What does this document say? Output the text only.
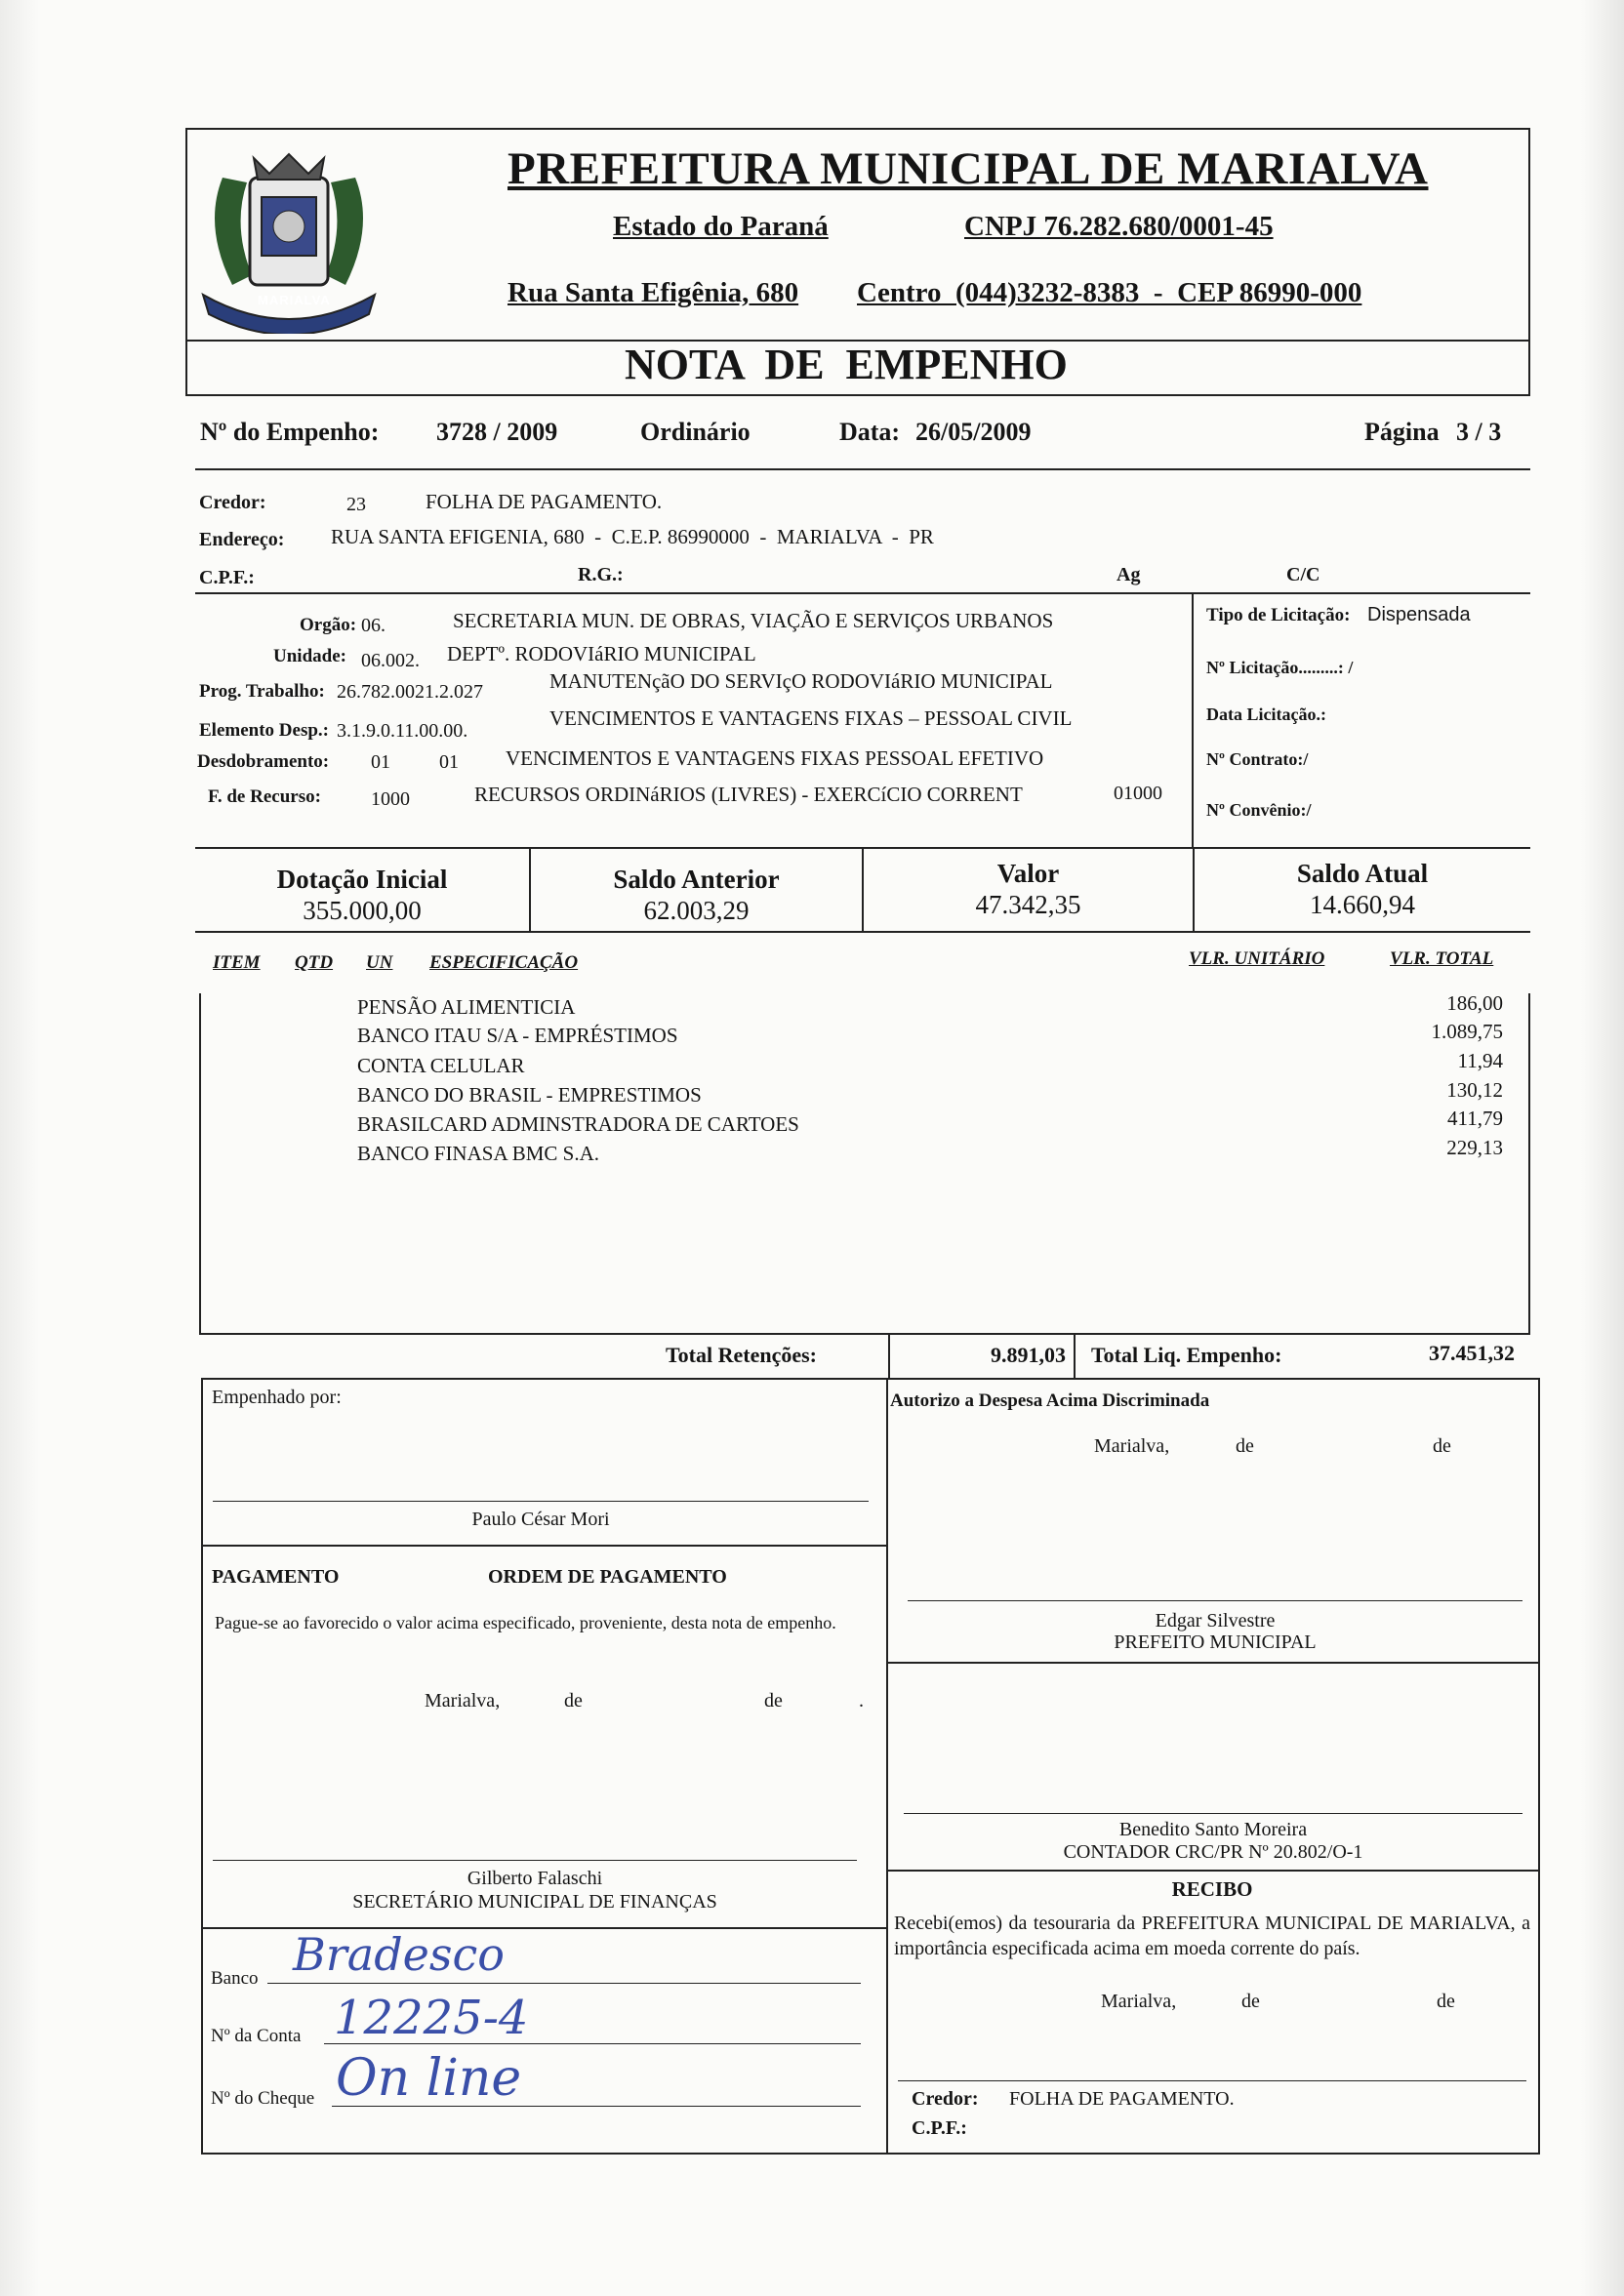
MARIALVA
PREFEITURA MUNICIPAL DE MARIALVA
Estado do Paraná	CNPJ 76.282.680/0001-45
Rua Santa Efigênia, 680 Centro  (044)3232-8383  -  CEP 86990-000
NOTA  DE  EMPENHO
Nº do Empenho: 3728 / 2009	Ordinário	Data: 26/05/2009	Página 3 / 3
Credor:	23	FOLHA DE PAGAMENTO.
Endereço: RUA SANTA EFIGENIA, 680  -  C.E.P. 86990000  -  MARIALVA  -  PR
C.P.F.:	R.G.:	Ag	C/C
Orgão: 06.	SECRETARIA MUN. DE OBRAS, VIAÇÃO E SERVIÇOS URBANOS
Unidade: 06.002. DEPTº. RODOVIáRIO MUNICIPAL
Prog. Trabalho: 26.782.0021.2.027	MANUTENçãO DO SERVIçO RODOVIáRIO MUNICIPAL
Elemento Desp.: 3.1.9.0.11.00.00.
VENCIMENTOS E VANTAGENS FIXAS – PESSOAL CIVIL
Desdobramento: 01	01 VENCIMENTOS E VANTAGENS FIXAS PESSOAL EFETIVO
F. de Recurso:	1000	RECURSOS ORDINáRIOS (LIVRES) - EXERCíCIO CORRENT	01000
Tipo de Licitação: Dispensada
Nº Licitação.........: /
Data Licitação.:
Nº Contrato:/
Nº Convênio:/
Dotação Inicial
355.000,00
Saldo Anterior
62.003,29
Valor
47.342,35
Saldo Atual
14.660,94
ITEM QTD UN ESPECIFICAÇÃO	VLR. UNITÁRIO	VLR. TOTAL
PENSÃO ALIMENTICIA	186,00
BANCO ITAU S/A - EMPRÉSTIMOS	1.089,75
CONTA CELULAR	11,94
BANCO DO BRASIL - EMPRESTIMOS	130,12
BRASILCARD ADMINSTRADORA DE CARTOES	411,79
BANCO FINASA BMC S.A.	229,13
Total Retenções:	9.891,03 Total Liq. Empenho:	37.451,32
Empenhado por:
Paulo César Mori
PAGAMENTO	ORDEM DE PAGAMENTO
Pague-se ao favorecido o valor acima especificado, proveniente, desta nota de empenho.
Marialva,	de	de	.
Gilberto Falaschi
SECRETÁRIO MUNICIPAL DE FINANÇAS
Banco Bradesco
Nº da Conta 12225-4
Nº do Cheque On line
Autorizo a Despesa Acima Discriminada
Marialva,	de	de
Edgar Silvestre
PREFEITO MUNICIPAL
Benedito Santo Moreira
CONTADOR CRC/PR Nº 20.802/O-1
RECIBO
Recebi(emos) da tesouraria da PREFEITURA MUNICIPAL DE MARIALVA, a importância especificada acima em moeda corrente do país.
Marialva,	de	de
Credor: FOLHA DE PAGAMENTO.
C.P.F.:
